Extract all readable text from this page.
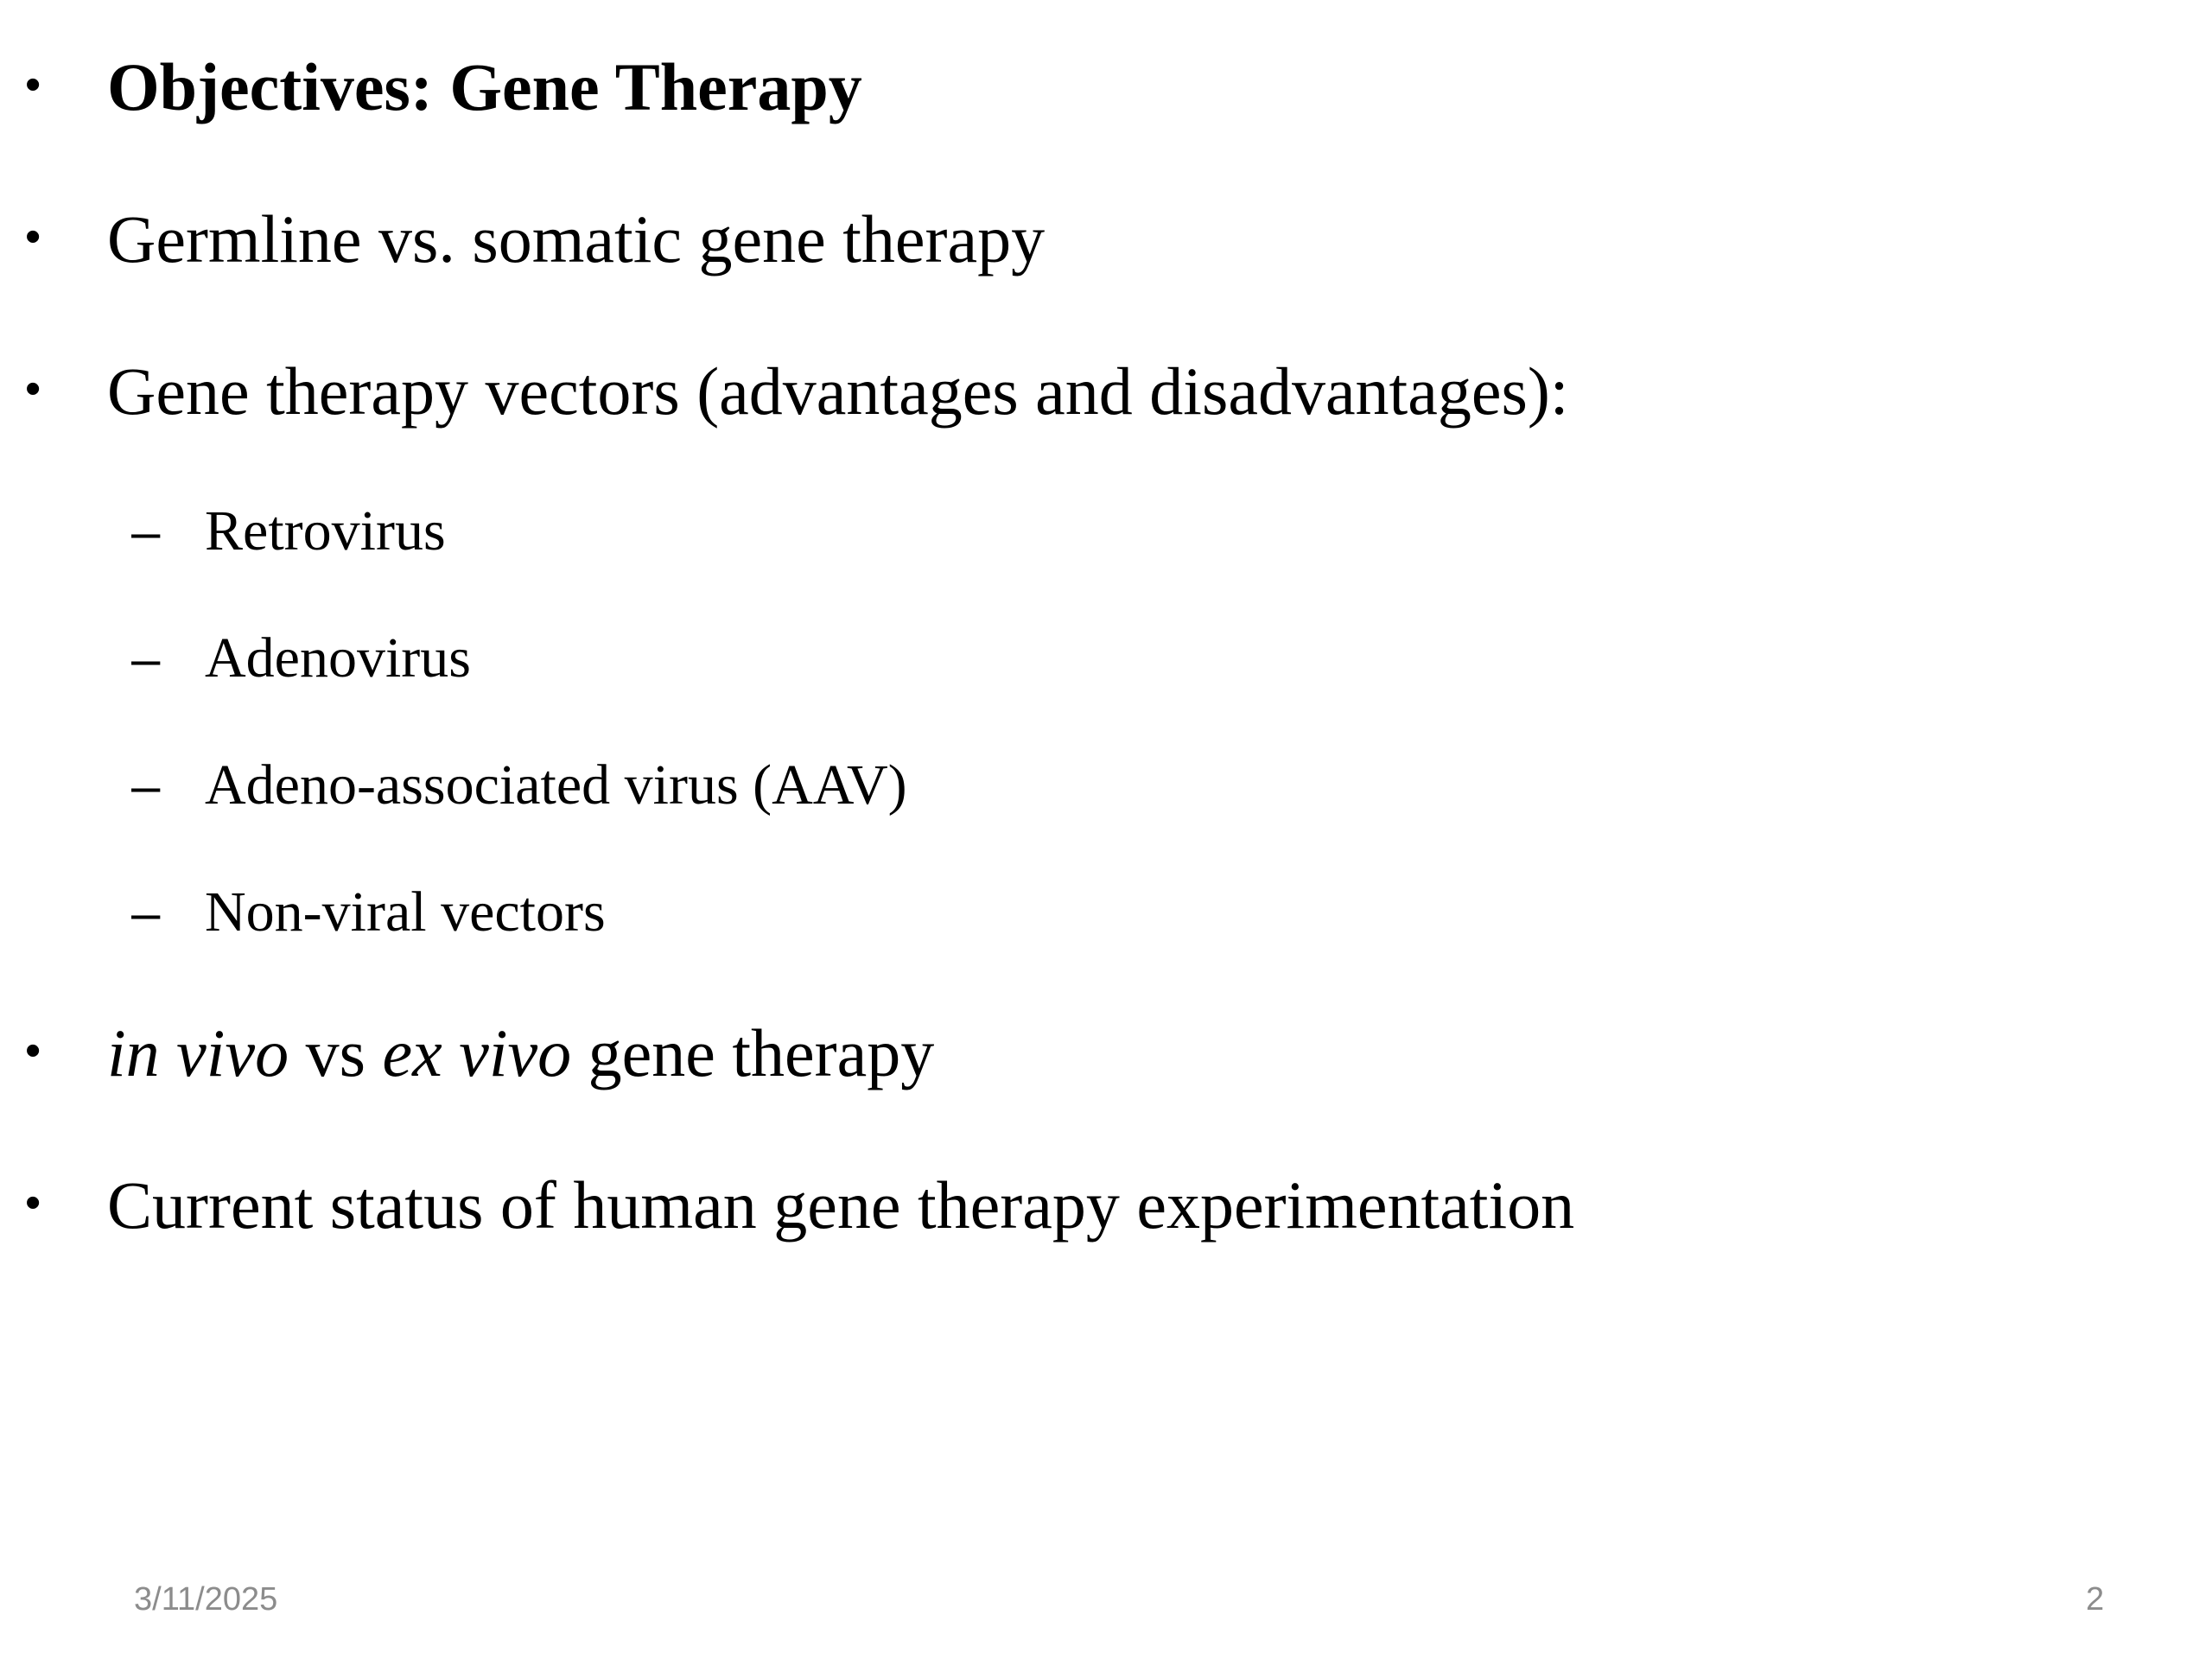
• Objectives: Gene Therapy
• Germline vs. somatic gene therapy
• Gene therapy vectors (advantages and disadvantages):
– Retrovirus
– Adenovirus
– Adeno-associated virus (AAV)
– Non-viral vectors
• in vivo vs ex vivo gene therapy
• Current status of human gene therapy experimentation
3/11/2025	2
